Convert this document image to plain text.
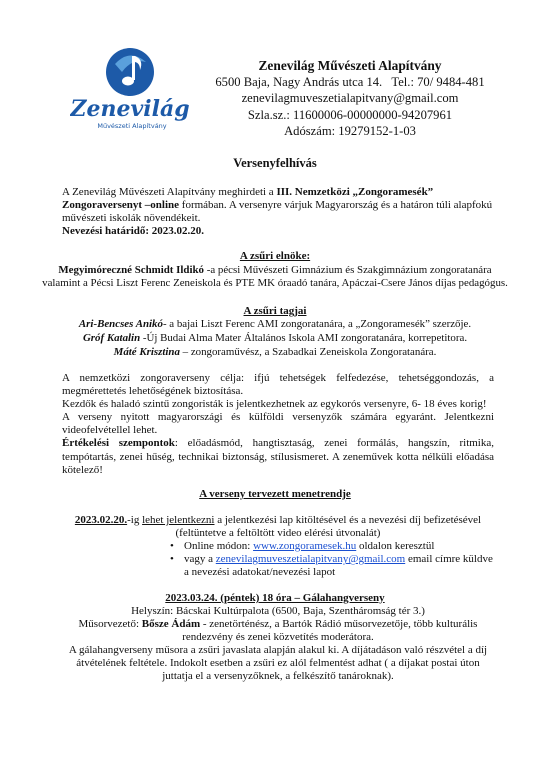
Zenevilág
Művészeti Alapítvány
Zenevilág Művészeti Alapítvány
6500 Baja, Nagy András utca 14.   Tel.: 70/ 9484-481
zenevilagmuveszetialapitvany@gmail.com
Szla.sz.: 11600006-00000000-94207961
Adószám: 19279152-1-03
Versenyfelhívás
A Zenevilág Művészeti Alapítvány meghirdeti a III. Nemzetközi „Zongoramesék”
Zongoraversenyt –online formában. A versenyre várjuk Magyarország és a határon túli alapfokú művészeti iskolák növendékeit.
Nevezési határidő: 2023.02.20.
A zsűri elnöke:
Megyimóreczné Schmidt Ildikó -a pécsi Művészeti Gimnázium és Szakgimnázium zongoratanára valamint a Pécsi Liszt Ferenc Zeneiskola és PTE MK óraadó tanára, Apáczai-Csere János díjas pedagógus.
A zsűri tagjai
Ari-Bencses Anikó- a bajai Liszt Ferenc AMI zongoratanára, a „Zongoramesék” szerzője.
Gróf Katalin -Új Budai Alma Mater Általános Iskola AMI zongoratanára, korrepetitora.
Máté Krisztina – zongoraművész, a Szabadkai Zeneiskola Zongoratanára.
A nemzetközi zongoraverseny célja: ifjú tehetségek felfedezése, tehetséggondozás, a megmérettetés lehetőségének biztosítása.
Kezdők és haladó szintű zongoristák is jelentkezhetnek az egykorós versenyre, 6- 18 éves korig!
A verseny nyitott magyarországi és külföldi versenyzők számára egyaránt. Jelentkezni videofelvétellel lehet.
Értékelési szempontok: előadásmód, hangtisztaság, zenei formálás, hangszín, ritmika, tempótartás, zenei hűség, technikai biztonság, stílusismeret. A zeneművek kotta nélküli előadása kötelező!
A verseny tervezett menetrendje
2023.02.20.-ig lehet jelentkezni a jelentkezési lap kitöltésével és a nevezési díj befizetésével
(feltüntetve a feltöltött video elérési útvonalát)
• Online módon: www.zongoramesek.hu oldalon keresztül
• vagy a zenevilagmuveszetialapitvany@gmail.com email címre küldve a nevezési adatokat/nevezési lapot
2023.03.24. (péntek) 18 óra – Gálahangverseny
Helyszín: Bácskai Kultúrpalota (6500, Baja, Szentháromság tér 3.)
Műsorvezető: Bősze Ádám - zenetörténész, a Bartók Rádió műsorvezetője, több kulturális rendezvény és zenei közvetítés moderátora.
A gálahangverseny műsora a zsűri javaslata alapján alakul ki. A díjátadáson való részvétel a díj átvételének feltétele. Indokolt esetben a zsűri ez alól felmentést adhat ( a díjakat postai úton juttatja el a versenyzőknek, a felkészítő tanároknak).
